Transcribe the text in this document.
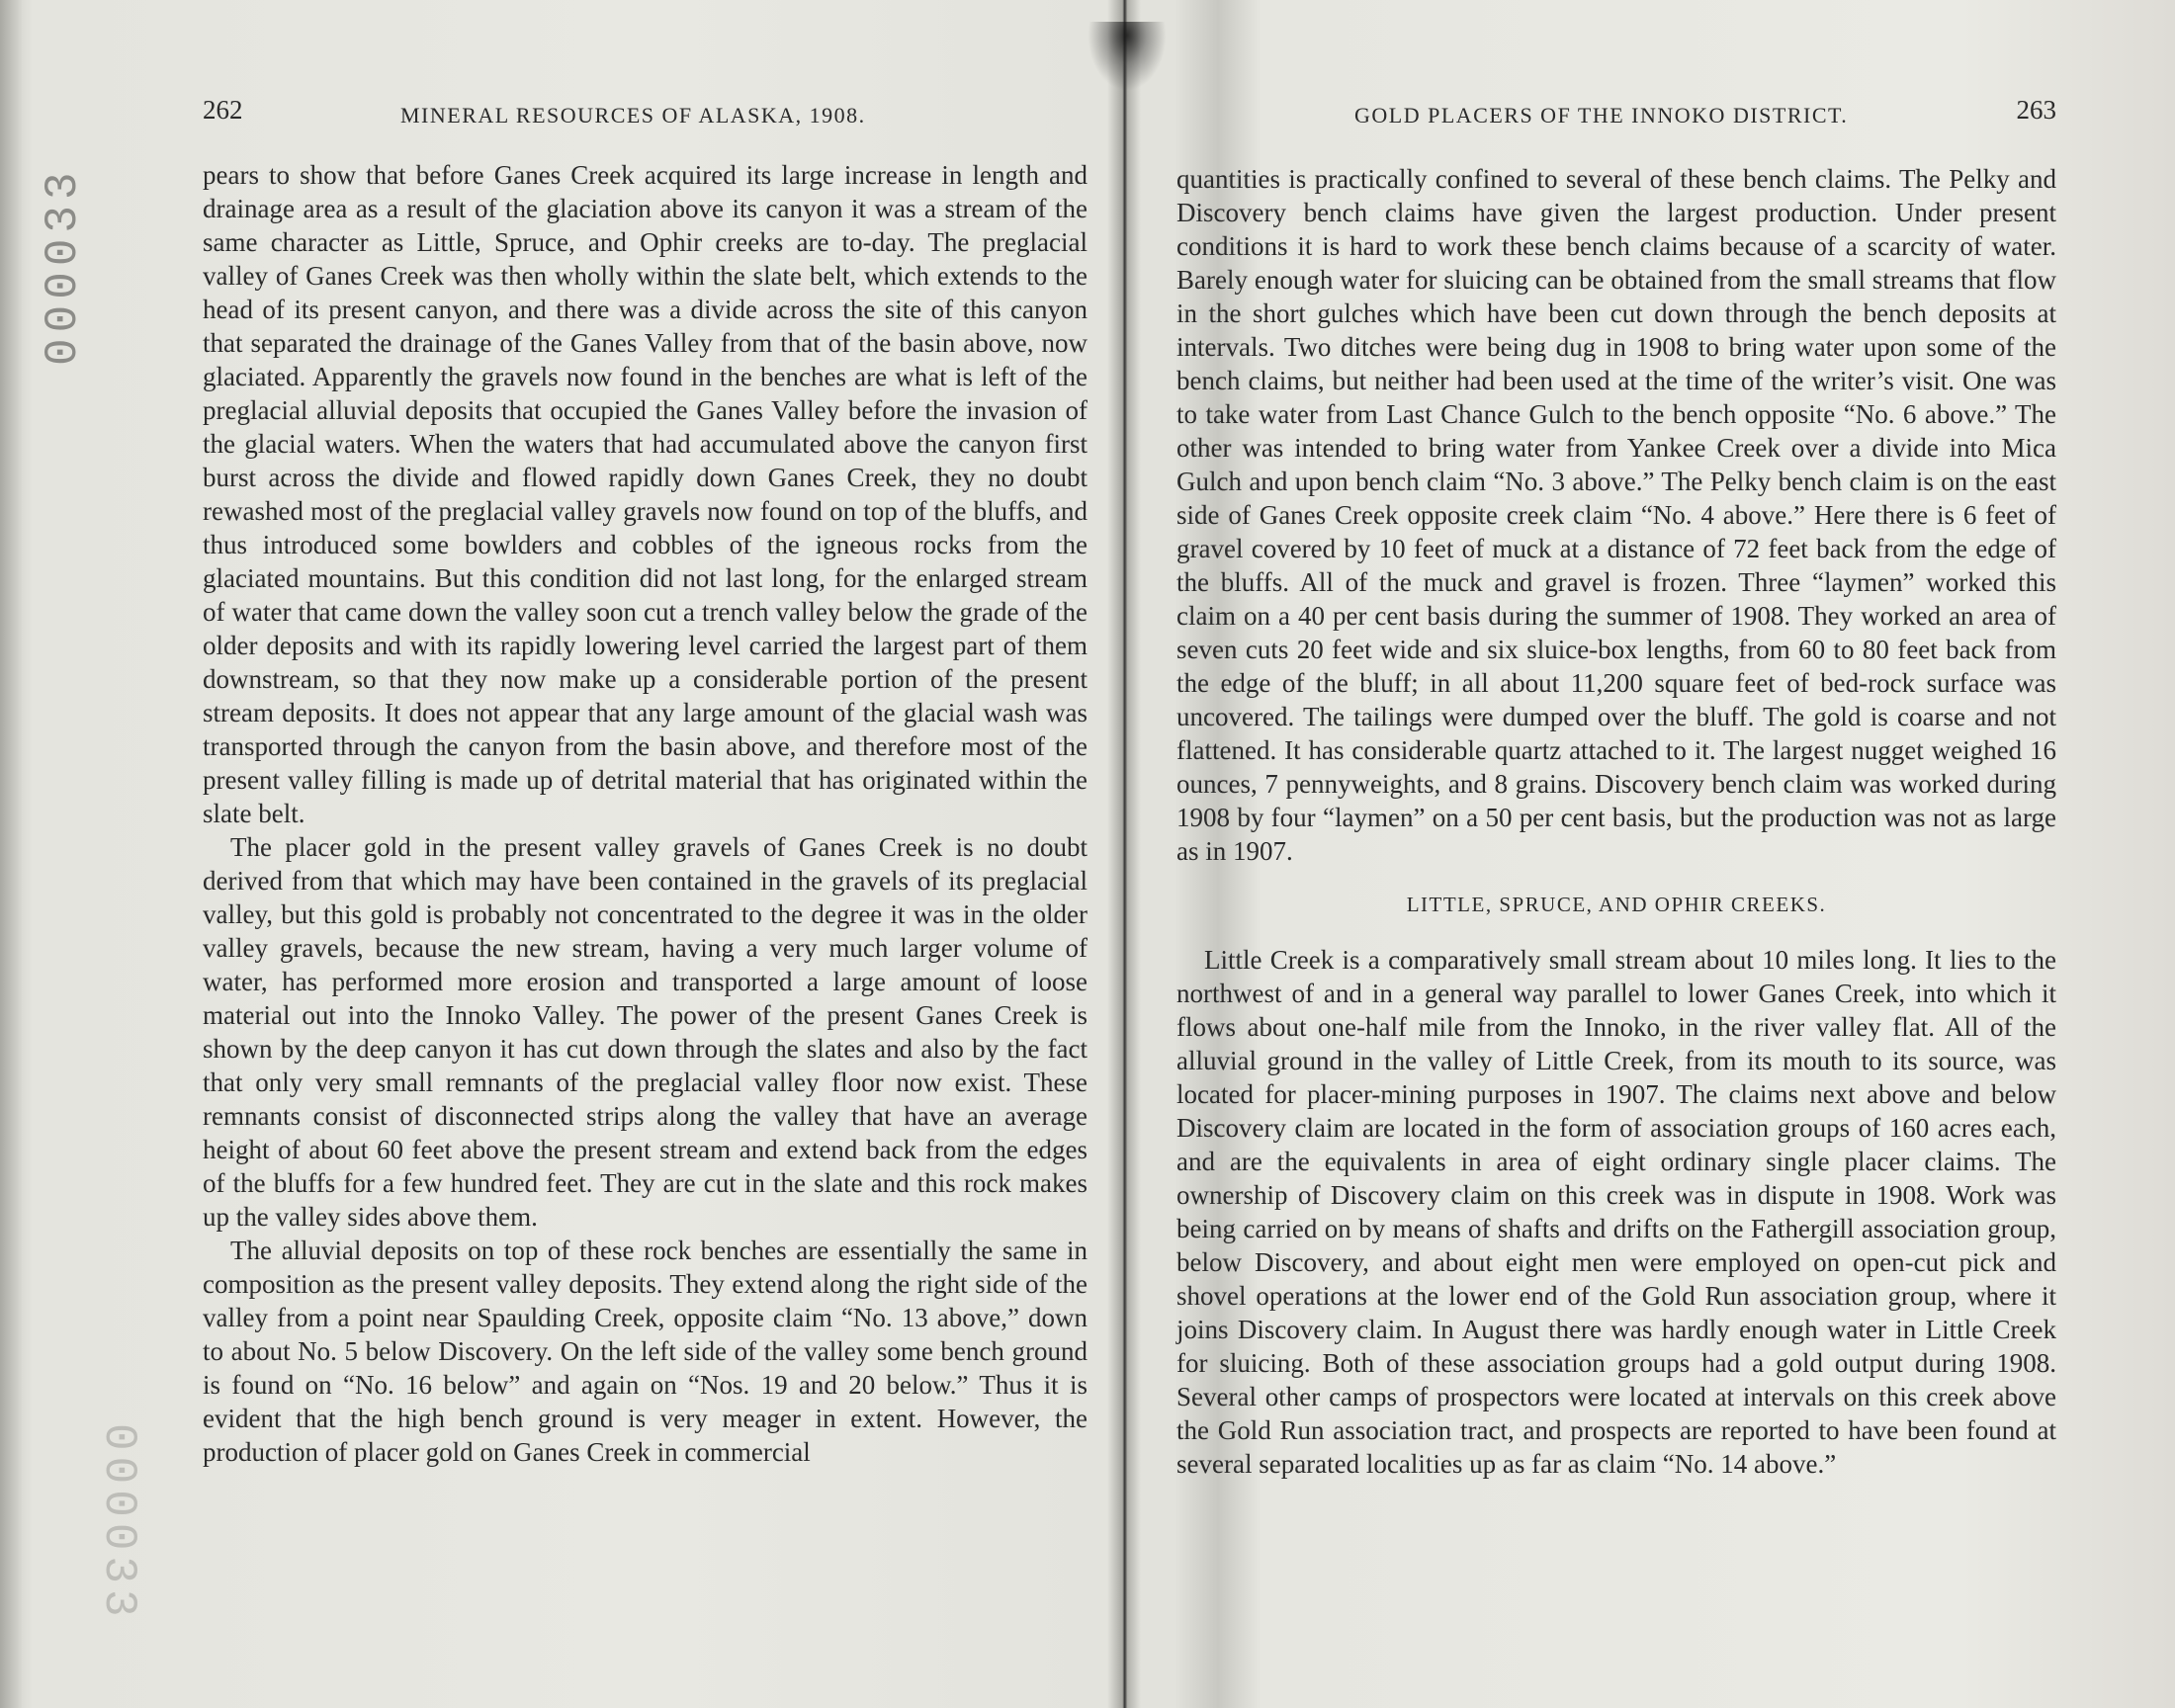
000033
000033
262	MINERAL RESOURCES OF ALASKA, 1908.

pears to show that before Ganes Creek acquired its large increase in length and drainage area as a result of the glaciation above its canyon it was a stream of the same character as Little, Spruce, and Ophir creeks are to-day. The preglacial valley of Ganes Creek was then wholly within the slate belt, which extends to the head of its present canyon, and there was a divide across the site of this canyon that separated the drainage of the Ganes Valley from that of the basin above, now glaciated. Apparently the gravels now found in the benches are what is left of the preglacial alluvial deposits that occupied the Ganes Valley before the invasion of the glacial waters. When the waters that had accumulated above the canyon first burst across the divide and flowed rapidly down Ganes Creek, they no doubt rewashed most of the preglacial valley gravels now found on top of the bluffs, and thus introduced some bowlders and cobbles of the igneous rocks from the glaciated mountains. But this condition did not last long, for the enlarged stream of water that came down the valley soon cut a trench valley below the grade of the older deposits and with its rapidly lowering level carried the largest part of them downstream, so that they now make up a considerable portion of the present stream deposits. It does not appear that any large amount of the glacial wash was transported through the canyon from the basin above, and therefore most of the present valley filling is made up of detrital material that has originated within the slate belt.

The placer gold in the present valley gravels of Ganes Creek is no doubt derived from that which may have been contained in the gravels of its preglacial valley, but this gold is probably not concentrated to the degree it was in the older valley gravels, because the new stream, having a very much larger volume of water, has performed more erosion and transported a large amount of loose material out into the Innoko Valley. The power of the present Ganes Creek is shown by the deep canyon it has cut down through the slates and also by the fact that only very small remnants of the preglacial valley floor now exist. These remnants consist of disconnected strips along the valley that have an average height of about 60 feet above the present stream and extend back from the edges of the bluffs for a few hundred feet. They are cut in the slate and this rock makes up the valley sides above them.

The alluvial deposits on top of these rock benches are essentially the same in composition as the present valley deposits. They extend along the right side of the valley from a point near Spaulding Creek, opposite claim “No. 13 above,” down to about No. 5 below Discovery. On the left side of the valley some bench ground is found on “No. 16 below” and again on “Nos. 19 and 20 below.” Thus it is evident that the high bench ground is very meager in extent. However, the production of placer gold on Ganes Creek in commercial

GOLD PLACERS OF THE INNOKO DISTRICT.	263

quantities is practically confined to several of these bench claims. The Pelky and Discovery bench claims have given the largest production. Under present conditions it is hard to work these bench claims because of a scarcity of water. Barely enough water for sluicing can be obtained from the small streams that flow in the short gulches which have been cut down through the bench deposits at intervals. Two ditches were being dug in 1908 to bring water upon some of the bench claims, but neither had been used at the time of the writer’s visit. One was to take water from Last Chance Gulch to the bench opposite “No. 6 above.” The other was intended to bring water from Yankee Creek over a divide into Mica Gulch and upon bench claim “No. 3 above.” The Pelky bench claim is on the east side of Ganes Creek opposite creek claim “No. 4 above.” Here there is 6 feet of gravel covered by 10 feet of muck at a distance of 72 feet back from the edge of the bluffs. All of the muck and gravel is frozen. Three “laymen” worked this claim on a 40 per cent basis during the summer of 1908. They worked an area of seven cuts 20 feet wide and six sluice-box lengths, from 60 to 80 feet back from the edge of the bluff; in all about 11,200 square feet of bed-rock surface was uncovered. The tailings were dumped over the bluff. The gold is coarse and not flattened. It has considerable quartz attached to it. The largest nugget weighed 16 ounces, 7 pennyweights, and 8 grains. Discovery bench claim was worked during 1908 by four “laymen” on a 50 per cent basis, but the production was not as large as in 1907.

LITTLE, SPRUCE, AND OPHIR CREEKS.

Little Creek is a comparatively small stream about 10 miles long. It lies to the northwest of and in a general way parallel to lower Ganes Creek, into which it flows about one-half mile from the Innoko, in the river valley flat. All of the alluvial ground in the valley of Little Creek, from its mouth to its source, was located for placer-mining purposes in 1907. The claims next above and below Discovery claim are located in the form of association groups of 160 acres each, and are the equivalents in area of eight ordinary single placer claims. The ownership of Discovery claim on this creek was in dispute in 1908. Work was being carried on by means of shafts and drifts on the Fathergill association group, below Discovery, and about eight men were employed on open-cut pick and shovel operations at the lower end of the Gold Run association group, where it joins Discovery claim. In August there was hardly enough water in Little Creek for sluicing. Both of these association groups had a gold output during 1908. Several other camps of prospectors were located at intervals on this creek above the Gold Run association tract, and prospects are reported to have been found at several separated localities up as far as claim “No. 14 above.”
